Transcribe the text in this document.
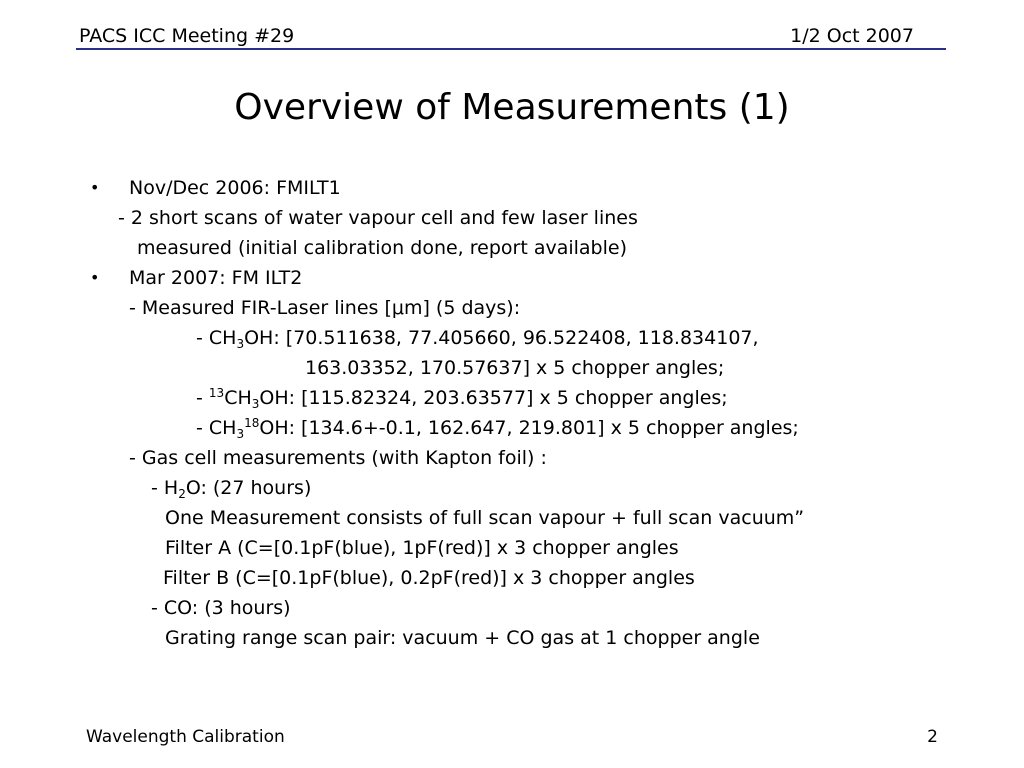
PACS ICC Meeting #29	1/2 Oct 2007
Overview of Measurements (1)
• Nov/Dec 2006: FMILT1
- 2 short scans of water vapour cell and few laser lines
measured (initial calibration done, report available)
• Mar 2007: FM ILT2
- Measured FIR-Laser lines [μm] (5 days):
- $CH_3OH$: [70.511638, 77.405660, 96.522408, 118.834107,
163.03352, 170.57637] x 5 chopper angles;
- $^{13}CH_3OH$: [115.82324, 203.63577] x 5 chopper angles;
- $CH_3^{18}OH$: [134.6+-0.1, 162.647, 219.801] x 5 chopper angles;
- Gas cell measurements (with Kapton foil) :
- $H_2O$: (27 hours)
One Measurement consists of full scan vapour + full scan vacuum”
Filter A (C=[0.1pF(blue), 1pF(red)] x 3 chopper angles
Filter B (C=[0.1pF(blue), 0.2pF(red)] x 3 chopper angles
- CO: (3 hours)
Grating range scan pair: vacuum + CO gas at 1 chopper angle
Wavelength Calibration	2
